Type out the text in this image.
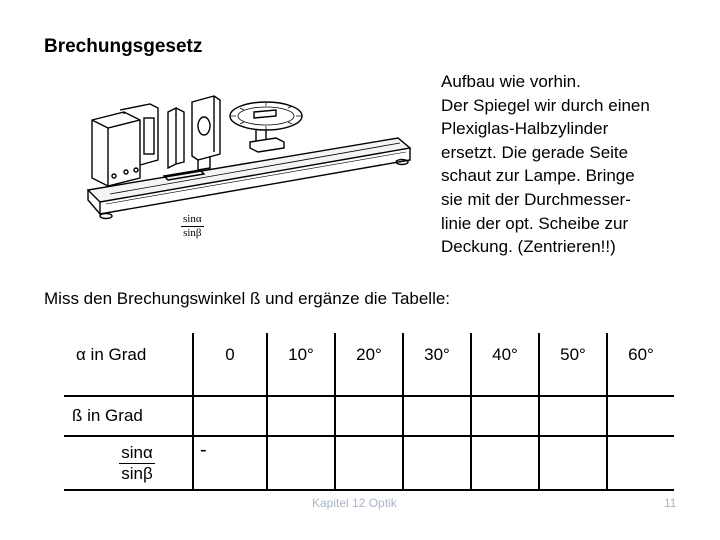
Brechungsgesetz
Aufbau wie vorhin.
Der Spiegel wir durch einen
Plexiglas-Halbzylinder
ersetzt. Die gerade Seite
schaut zur Lampe. Bringe
sie mit der Durchmesser-
linie der opt. Scheibe zur
Deckung. (Zentrieren!!)
$\frac{\sin\alpha}{\sin\beta}$
Miss den Brechungswinkel ß und ergänze die Tabelle:
α in Grad	0	10°	20°	30°	40°	50°	60°
ß in Grad							

$\frac{\sin\alpha}{\sin\beta}$	-						
Kapitel 12 Optik	11
